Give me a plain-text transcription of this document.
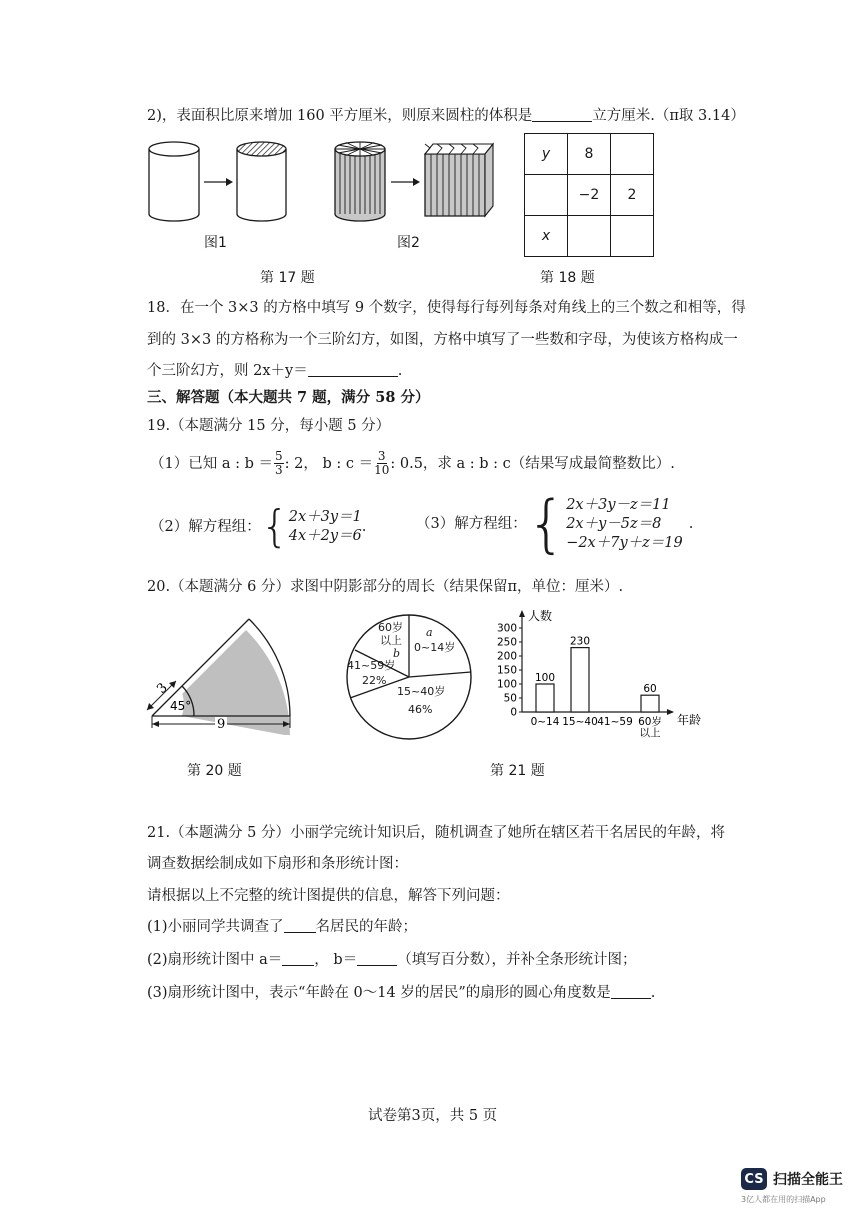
2)，表面积比原来增加 160 平方厘米，则原来圆柱的体积是	立方厘米.（π取 3.14）
图1	图2
第 17 题
y	8	
	−2	2
x		
第 18 题
18．在一个 3×3 的方格中填写 9 个数字，使得每行每列每条对角线上的三个数之和相等，得
到的 3×3 的方格称为一个三阶幻方，如图，方格中填写了一些数和字母，为使该方格构成一
个三阶幻方，则 2x＋y＝	.
三、解答题（本大题共 7 题，满分 58 分）
19.（本题满分 15 分，每小题 5 分）
（1）已知 a : $b = \frac{5}{3}$ : 2， b : $c = \frac{3}{10}$ : 0.5，求 a : b : c（结果写成最简整数比）.
（2）解方程组： { 2x＋3y＝1
4x＋2y＝6
.	（3）解方程组： { 2x＋3y－z＝11
2x＋y－5z＝8
−2x＋7y＋z＝19
.
20.（本题满分 6 分）求图中阴影部分的周长（结果保留π，单位：厘米）.
3
45°
9
第 20 题
60岁
以上
b
a
0~14岁
41~59岁
22%
15~40岁
46%
人数
年龄
0
50
100
150
200
250
300
100
0~14
230
15~40 41~59
60
60岁
以上
第 21 题
21.（本题满分 5 分）小丽学完统计知识后，随机调查了她所在辖区若干名居民的年龄，将
调查数据绘制成如下扇形和条形统计图：
请根据以上不完整的统计图提供的信息，解答下列问题：
(1)小丽同学共调查了 名居民的年龄；
(2)扇形统计图中 a＝ ， b＝	（填写百分数），并补全条形统计图；
(3)扇形统计图中，表示“年龄在 0～14 岁的居民”的扇形的圆心角度数是	.
试卷第3页，共 5 页
CS 扫描全能王
3亿人都在用的扫描App
